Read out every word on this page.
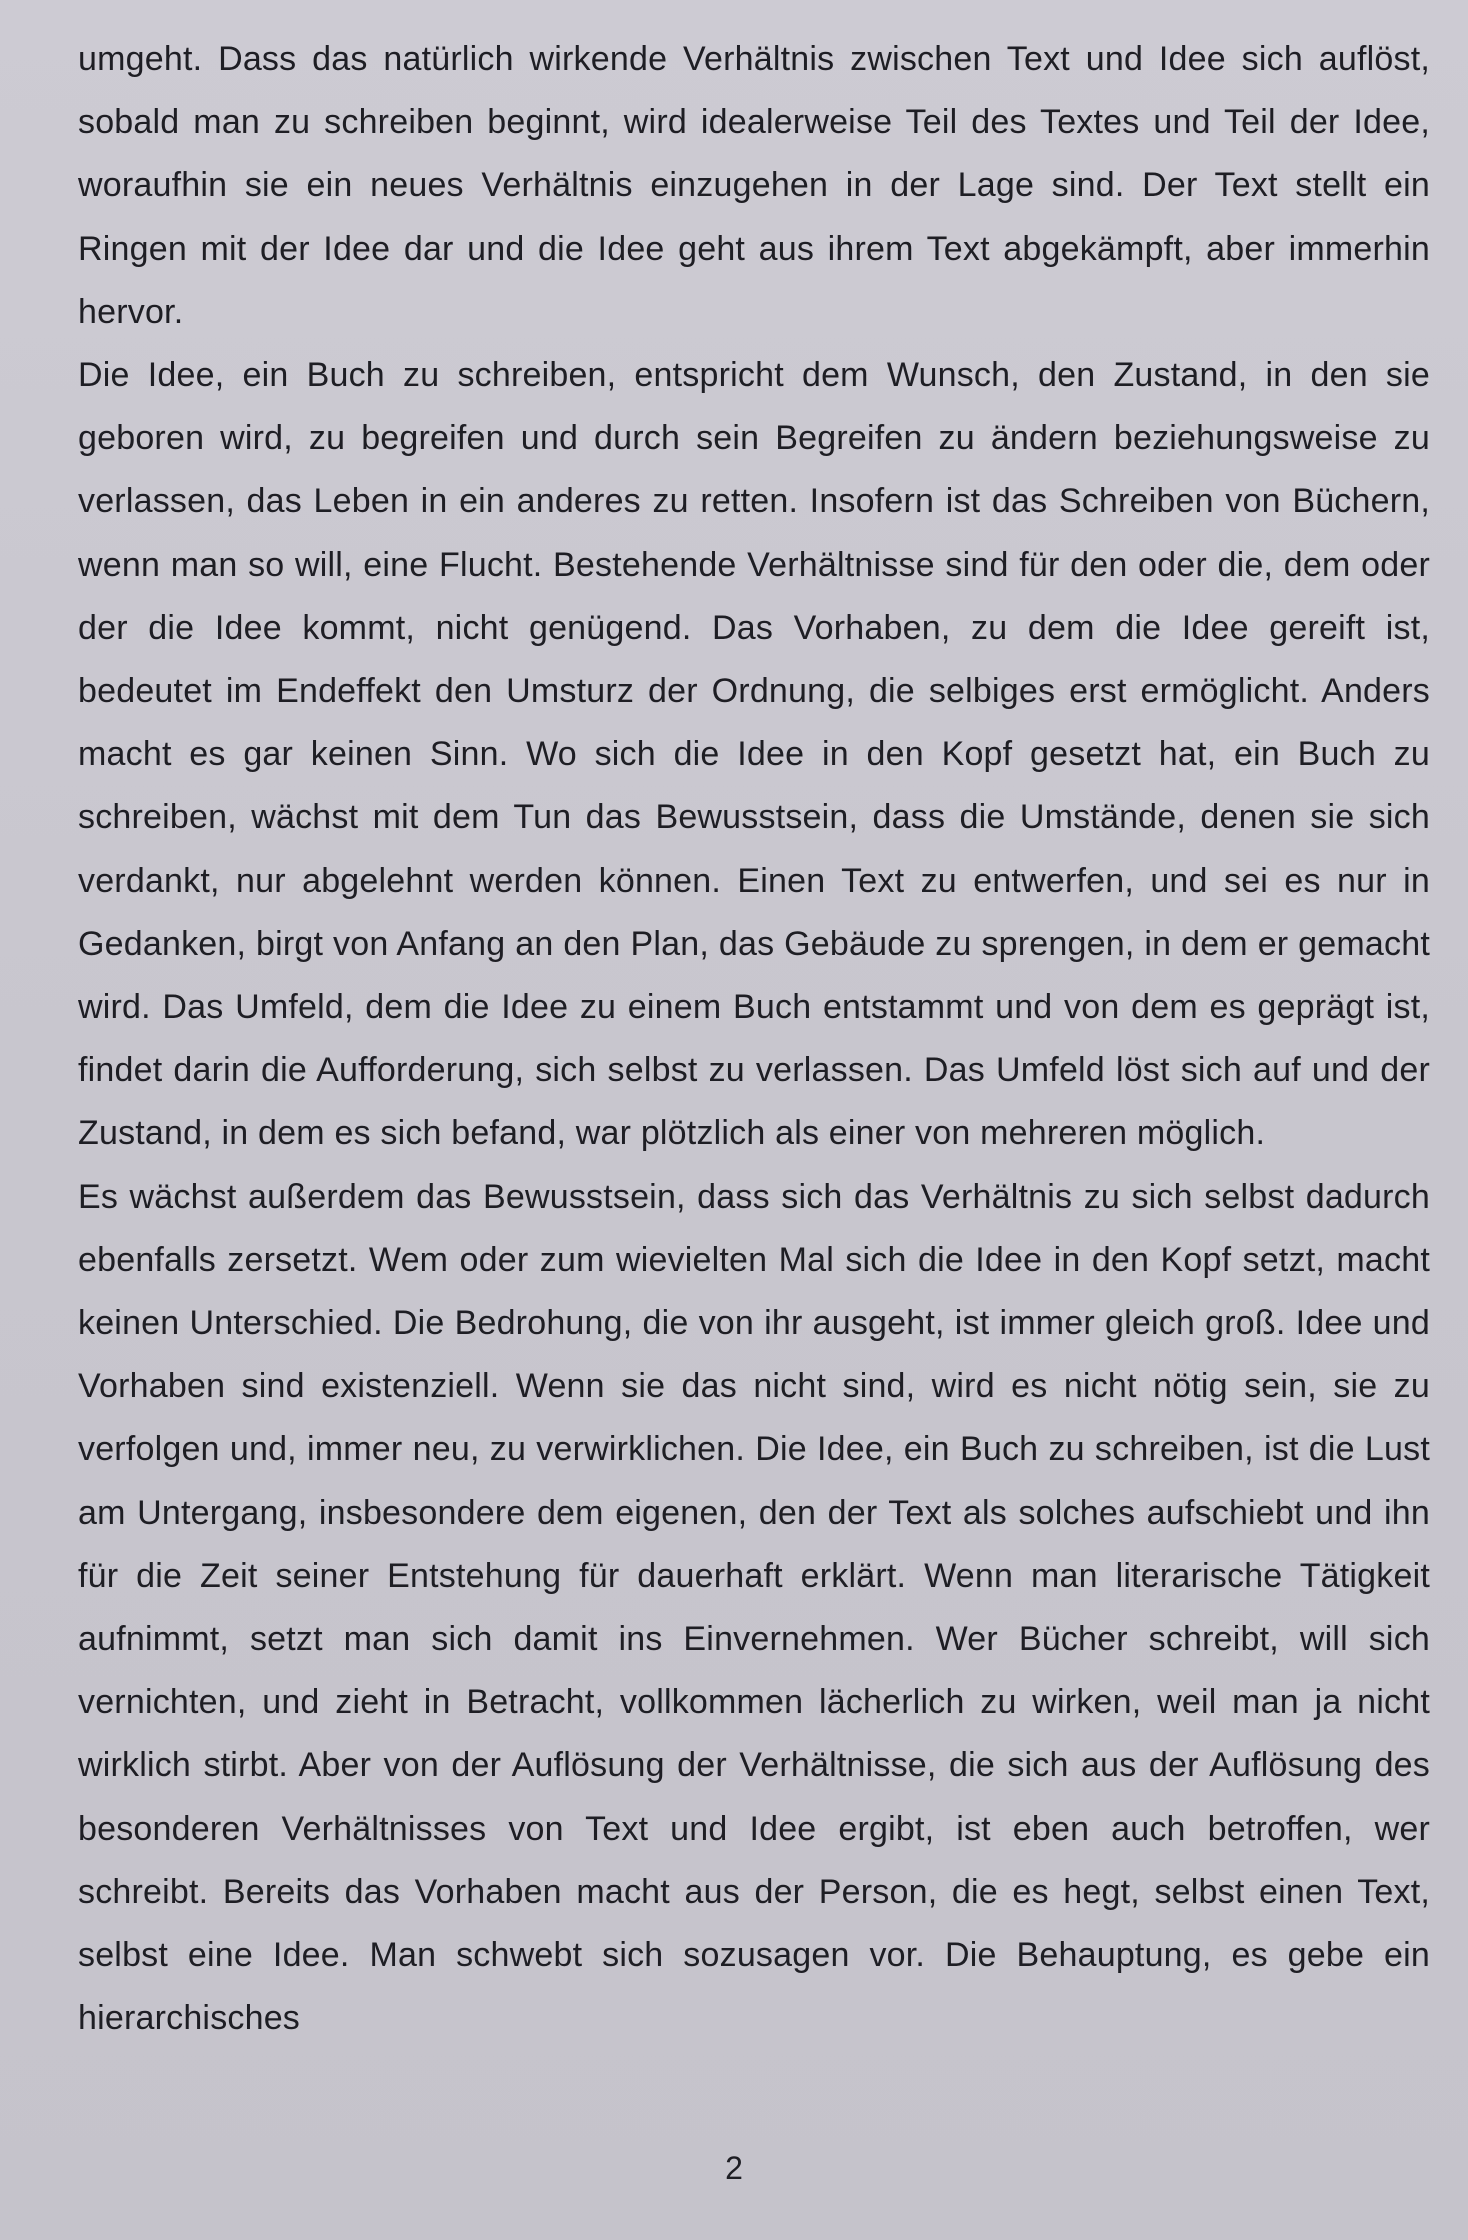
umgeht. Dass das natürlich wirkende Verhältnis zwischen Text und Idee sich auflöst, sobald man zu schreiben beginnt, wird idealerweise Teil des Textes und Teil der Idee, woraufhin sie ein neues Verhältnis einzugehen in der Lage sind. Der Text stellt ein Ringen mit der Idee dar und die Idee geht aus ihrem Text abgekämpft, aber immerhin hervor.

Die Idee, ein Buch zu schreiben, entspricht dem Wunsch, den Zustand, in den sie geboren wird, zu begreifen und durch sein Begreifen zu ändern beziehungsweise zu verlassen, das Leben in ein anderes zu retten. Insofern ist das Schreiben von Büchern, wenn man so will, eine Flucht. Bestehende Verhältnisse sind für den oder die, dem oder der die Idee kommt, nicht genügend. Das Vorhaben, zu dem die Idee gereift ist, bedeutet im Endeffekt den Umsturz der Ordnung, die selbiges erst ermöglicht. Anders macht es gar keinen Sinn. Wo sich die Idee in den Kopf gesetzt hat, ein Buch zu schreiben, wächst mit dem Tun das Bewusstsein, dass die Umstände, denen sie sich verdankt, nur abgelehnt werden können. Einen Text zu entwerfen, und sei es nur in Gedanken, birgt von Anfang an den Plan, das Gebäude zu sprengen, in dem er gemacht wird. Das Umfeld, dem die Idee zu einem Buch entstammt und von dem es geprägt ist, findet darin die Aufforderung, sich selbst zu verlassen. Das Umfeld löst sich auf und der Zustand, in dem es sich befand, war plötzlich als einer von mehreren möglich.

Es wächst außerdem das Bewusstsein, dass sich das Verhältnis zu sich selbst dadurch ebenfalls zersetzt. Wem oder zum wievielten Mal sich die Idee in den Kopf setzt, macht keinen Unterschied. Die Bedrohung, die von ihr ausgeht, ist immer gleich groß. Idee und Vorhaben sind existenziell. Wenn sie das nicht sind, wird es nicht nötig sein, sie zu verfolgen und, immer neu, zu verwirklichen. Die Idee, ein Buch zu schreiben, ist die Lust am Untergang, insbesondere dem eigenen, den der Text als solches aufschiebt und ihn für die Zeit seiner Entstehung für dauerhaft erklärt. Wenn man literarische Tätigkeit aufnimmt, setzt man sich damit ins Einvernehmen. Wer Bücher schreibt, will sich vernichten, und zieht in Betracht, vollkommen lächerlich zu wirken, weil man ja nicht wirklich stirbt. Aber von der Auflösung der Verhältnisse, die sich aus der Auflösung des besonderen Verhältnisses von Text und Idee ergibt, ist eben auch betroffen, wer schreibt. Bereits das Vorhaben macht aus der Person, die es hegt, selbst einen Text, selbst eine Idee. Man schwebt sich sozusagen vor. Die Behauptung, es gebe ein hierarchisches

2
